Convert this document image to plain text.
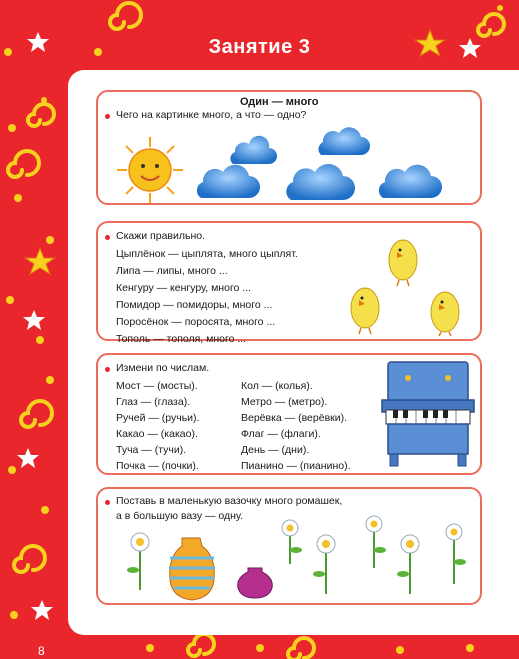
Занятие 3
Один — много
Чего на картинке много, а что — одно?
Скажи правильно.
Цыплёнок — цыплята, много цыплят.
Липа — липы, много ...
Кенгуру — кенгуру, много ...
Помидор — помидоры, много ...
Поросёнок — поросята, много ...
Тополь — тополя, много ...
Измени по числам.
Мост — (мосты).
Глаз — (глаза).
Ручей — (ручьи).
Какао — (какао).
Туча — (тучи).
Почка — (почки).
Кол — (колья).
Метро — (метро).
Верёвка — (верёвки).
Флаг — (флаги).
День — (дни).
Пианино — (пианино).
Поставь в маленькую вазочку много ромашек,
а в большую вазу — одну.
8
